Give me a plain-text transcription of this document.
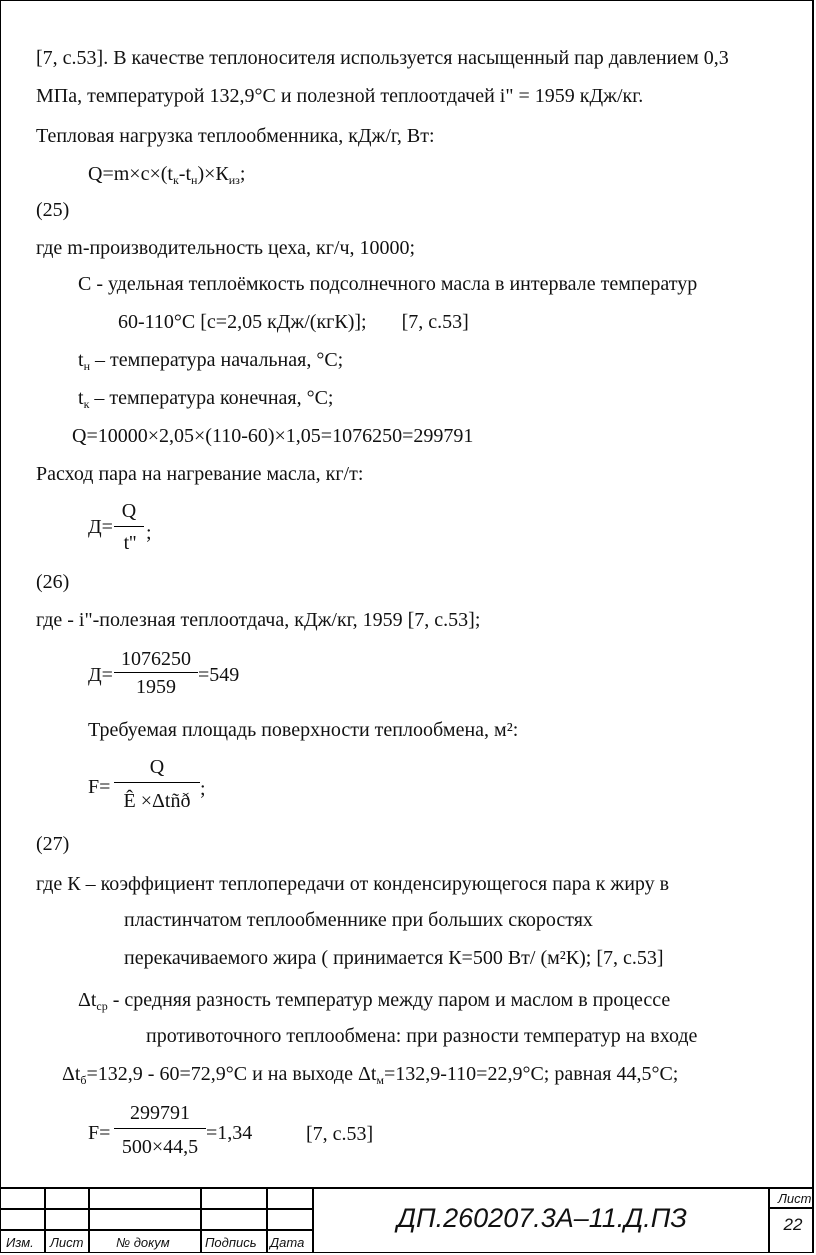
[7, с.53]. В качестве теплоносителя используется насыщенный пар давлением 0,3
МПа, температурой 132,9°С и полезной теплоотдачей i" = 1959 кДж/кг.
Тепловая нагрузка теплообменника, кДж/г, Вт:
$Q=m\times c\times(t_к-t_н)\times К_{из}$;
(25)
где m-производительность цеха, кг/ч, 10000;
С - удельная теплоёмкость подсолнечного масла в интервале температур
60-110°С [с=2,05 кДж/(кгК)];       [7, с.53]
$t_н$ – температура начальная, °С;
$t_к$ – температура конечная, °С;
Q=10000×2,05×(110-60)×1,05=1076250=299791
Расход пара на нагревание масла, кг/т:
Q
Д=
t'' ;
(26)
где - i"-полезная теплоотдача, кДж/кг, 1959 [7, с.53];
Д=
1076250
1959
=549
Требуемая площадь поверхности теплообмена, м²:
F=
Q
Ê ×Δtñð
;
(27)
где К – коэффициент теплопередачи от конденсирующегося пара к жиру в
пластинчатом теплообменнике при больших скоростях
перекачиваемого жира ( принимается К=500 Вт/ (м²К); [7, с.53]
$\Delta t_{ср}$ - средняя разность температур между паром и маслом в процессе
противоточного теплообмена: при разности температур на входе
$\Delta t_б=132,9 - 60=72,9^\circ С$ и на выходе $\Delta t_м=132,9-110=22,9^\circ С$; равная 44,5°С;
F=
299791
500×44,5
=1,34	[7, с.53]
Изм. Лист	№ докум	Подпись Дата
ДП.260207.3А–11.Д.ПЗ
Лист
22
